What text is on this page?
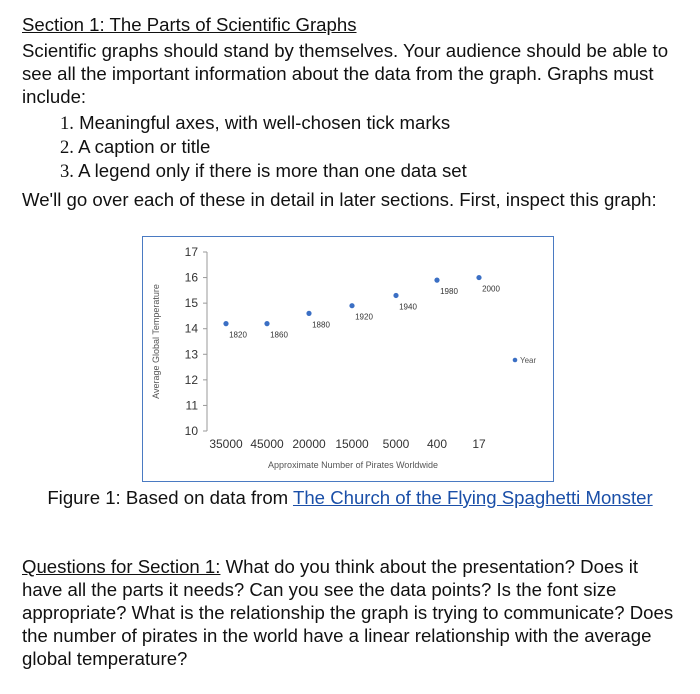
Section 1: The Parts of Scientific Graphs
Scientific graphs should stand by themselves. Your audience should be able to see all the important information about the data from the graph. Graphs must include:
1. Meaningful axes, with well-chosen tick marks
2. A caption or title
3. A legend only if there is more than one data set
We'll go over each of these in detail in later sections. First, inspect this graph:
10
11
12
13
14
15
16
17
35000 45000 20000 15000 5000 400 17
Average Global Temperature
Approximate Number of Pirates Worldwide
1820	1860
1880
1920
1940
1980	2000
Year
Figure 1: Based on data from The Church of the Flying Spaghetti Monster
Questions for Section 1: What do you think about the presentation? Does it have all the parts it needs? Can you see the data points? Is the font size appropriate? What is the relationship the graph is trying to communicate? Does the number of pirates in the world have a linear relationship with the average global temperature?
